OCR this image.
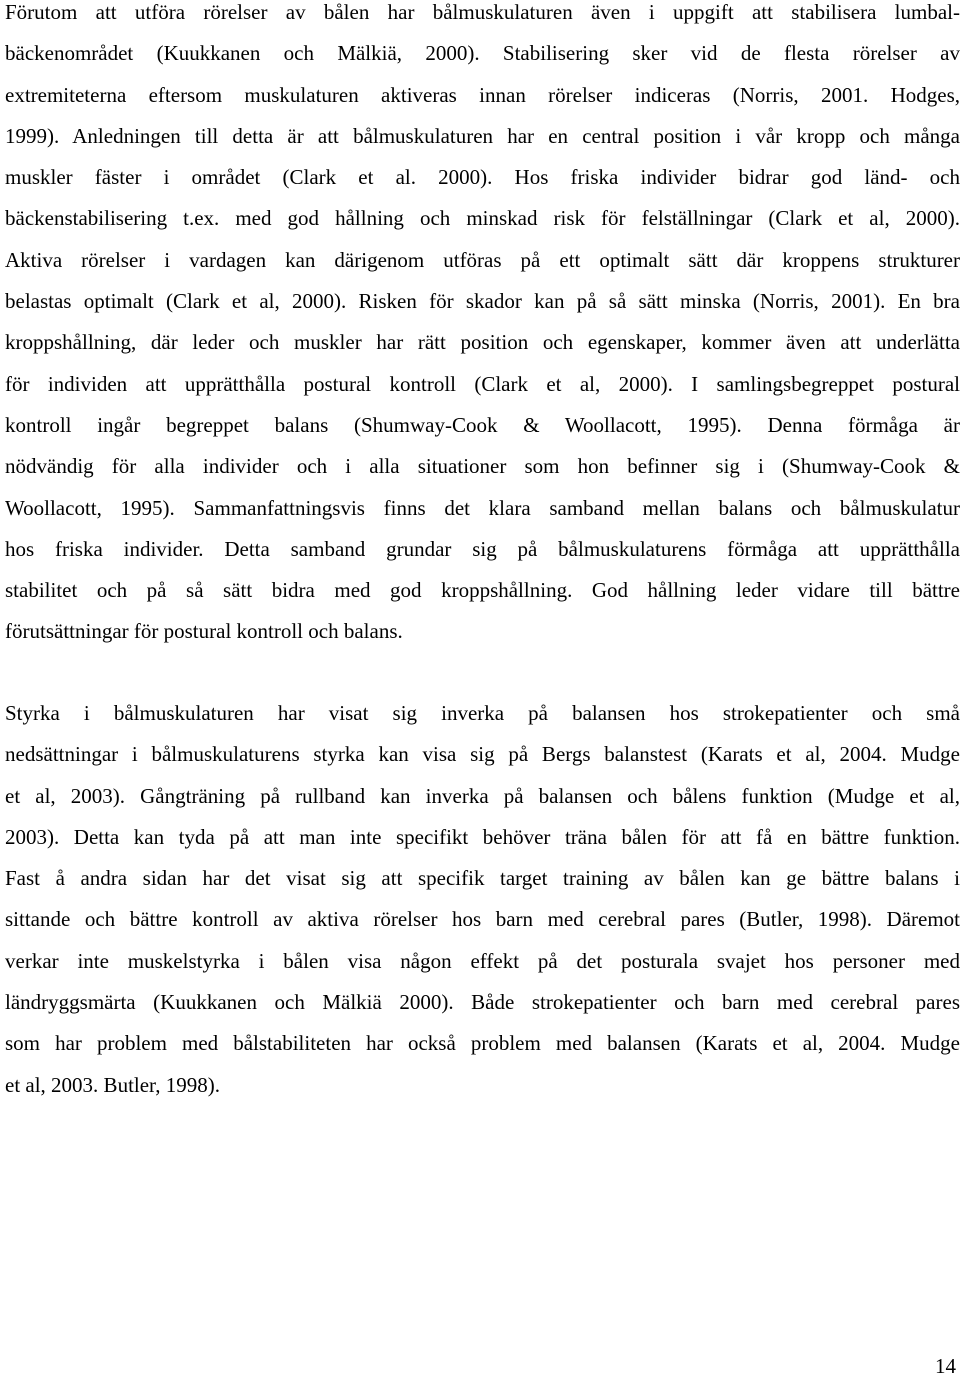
Förutom att utföra rörelser av bålen har bålmuskulaturen även i uppgift att stabilisera lumbal-
bäckenområdet (Kuukkanen och Mälkiä, 2000). Stabilisering sker vid de flesta rörelser av
extremiteterna eftersom muskulaturen aktiveras innan rörelser indiceras (Norris, 2001. Hodges,
1999). Anledningen till detta är att bålmuskulaturen har en central position i vår kropp och många
muskler fäster i området (Clark et al. 2000). Hos friska individer bidrar god länd- och
bäckenstabilisering t.ex. med god hållning och minskad risk för felställningar (Clark et al, 2000).
Aktiva rörelser i vardagen kan därigenom utföras på ett optimalt sätt där kroppens strukturer
belastas optimalt (Clark et al, 2000). Risken för skador kan på så sätt minska (Norris, 2001). En bra
kroppshållning, där leder och muskler har rätt position och egenskaper, kommer även att underlätta
för individen att upprätthålla postural kontroll (Clark et al, 2000). I samlingsbegreppet postural
kontroll ingår begreppet balans (Shumway-Cook & Woollacott, 1995). Denna förmåga är
nödvändig för alla individer och i alla situationer som hon befinner sig i (Shumway-Cook &
Woollacott, 1995). Sammanfattningsvis finns det klara samband mellan balans och bålmuskulatur
hos friska individer. Detta samband grundar sig på bålmuskulaturens förmåga att upprätthålla
stabilitet och på så sätt bidra med god kroppshållning. God hållning leder vidare till bättre
förutsättningar för postural kontroll och balans.
Styrka i bålmuskulaturen har visat sig inverka på balansen hos strokepatienter och små
nedsättningar i bålmuskulaturens styrka kan visa sig på Bergs balanstest (Karats et al, 2004. Mudge
et al, 2003). Gångträning på rullband kan inverka på balansen och bålens funktion (Mudge et al,
2003). Detta kan tyda på att man inte specifikt behöver träna bålen för att få en bättre funktion.
Fast å andra sidan har det visat sig att specifik target training av bålen kan ge bättre balans i
sittande och bättre kontroll av aktiva rörelser hos barn med cerebral pares (Butler, 1998). Däremot
verkar inte muskelstyrka i bålen visa någon effekt på det posturala svajet hos personer med
ländryggsmärta (Kuukkanen och Mälkiä 2000). Både strokepatienter och barn med cerebral pares
som har problem med bålstabiliteten har också problem med balansen (Karats et al, 2004. Mudge
et al, 2003. Butler, 1998).
14
